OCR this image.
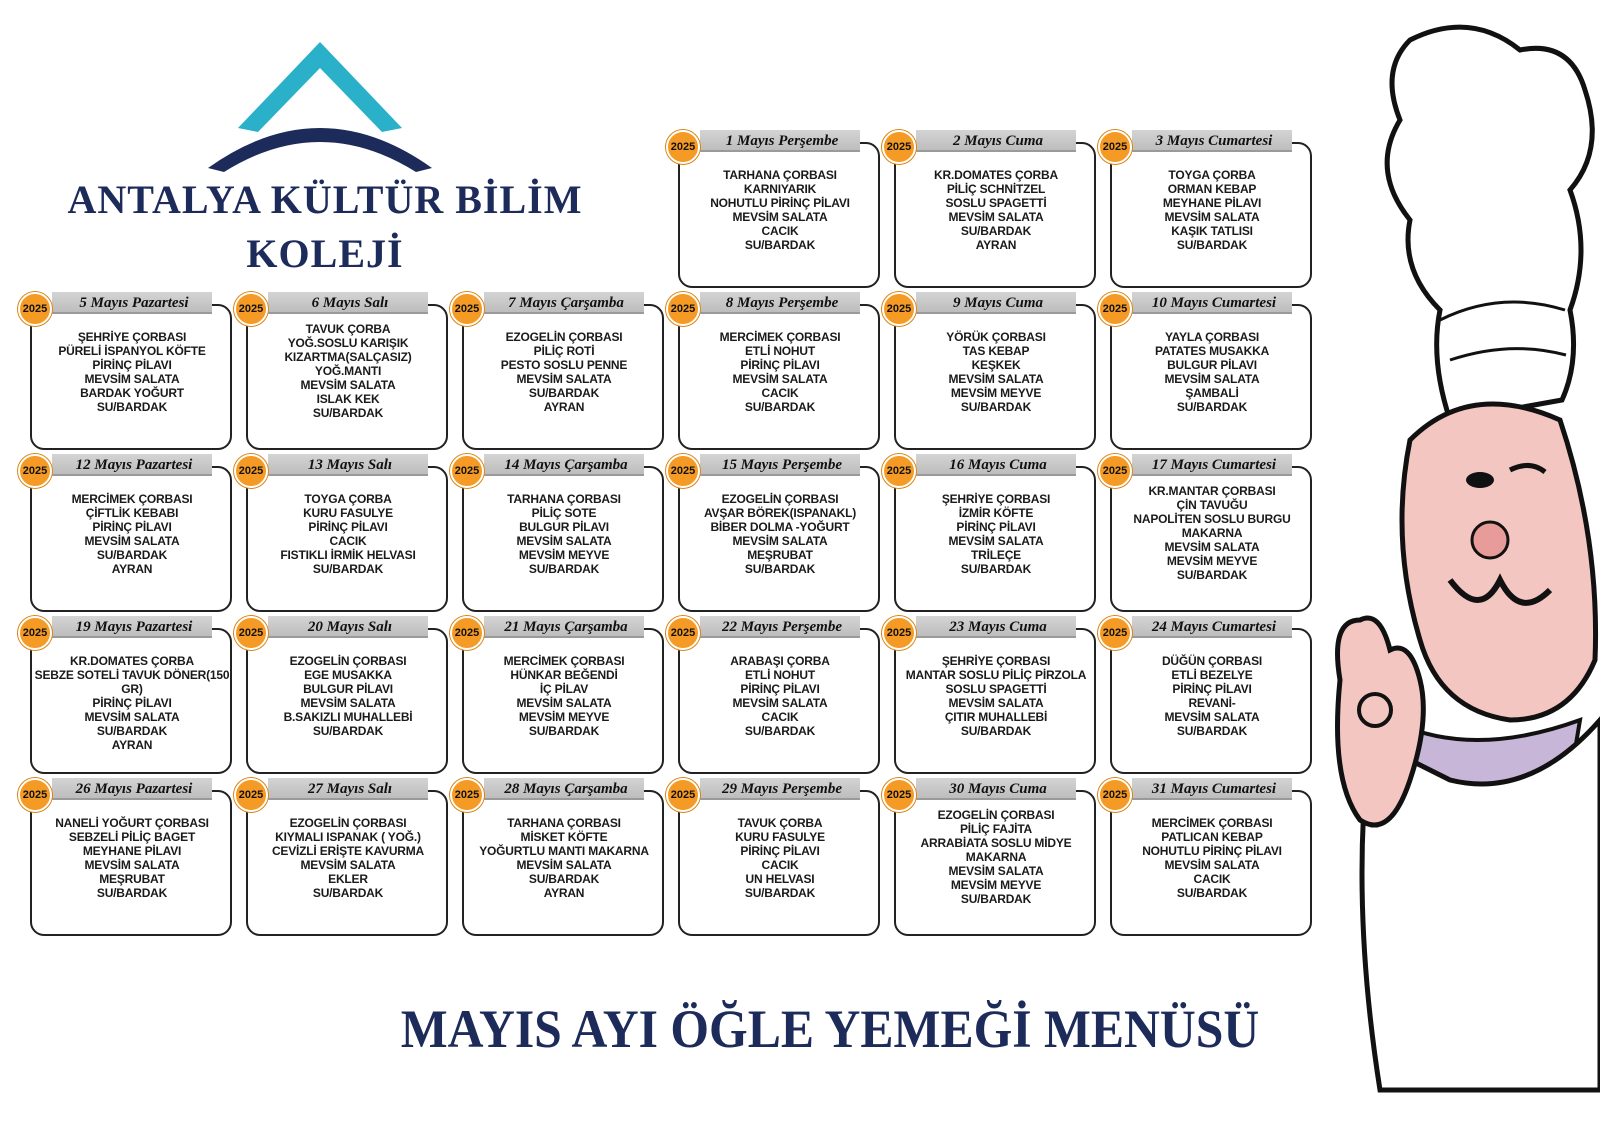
ANTALYA KÜLTÜR BİLİM
KOLEJİ
1 Mayıs Perşembe
2025
TARHANA ÇORBASI
KARNIYARIK
NOHUTLU PİRİNÇ PİLAVI
MEVSİM SALATA
CACIK
SU/BARDAK
2 Mayıs Cuma
2025
KR.DOMATES ÇORBA
PİLİÇ SCHNİTZEL
SOSLU SPAGETTİ
MEVSİM SALATA
SU/BARDAK
AYRAN
3 Mayıs Cumartesi
2025
TOYGA ÇORBA
ORMAN KEBAP
MEYHANE PİLAVI
MEVSİM SALATA
KAŞIK TATLISI
SU/BARDAK
5 Mayıs Pazartesi
2025
ŞEHRİYE ÇORBASI
PÜRELİ İSPANYOL KÖFTE
PİRİNÇ PİLAVI
MEVSİM SALATA
BARDAK YOĞURT
SU/BARDAK
6 Mayıs Salı
2025
TAVUK ÇORBA
YOĞ.SOSLU KARIŞIK
KIZARTMA(SALÇASIZ)
YOĞ.MANTI
MEVSİM SALATA
ISLAK KEK
SU/BARDAK
7 Mayıs Çarşamba
2025
EZOGELİN ÇORBASI
PİLİÇ ROTİ
PESTO SOSLU PENNE
MEVSİM SALATA
SU/BARDAK
AYRAN
8 Mayıs Perşembe
2025
MERCİMEK ÇORBASI
ETLİ NOHUT
PİRİNÇ PİLAVI
MEVSİM SALATA
CACIK
SU/BARDAK
9 Mayıs Cuma
2025
YÖRÜK ÇORBASI
TAS KEBAP
KEŞKEK
MEVSİM SALATA
MEVSİM MEYVE
SU/BARDAK
10 Mayıs Cumartesi
2025
YAYLA ÇORBASI
PATATES MUSAKKA
BULGUR PİLAVI
MEVSİM SALATA
ŞAMBALİ
SU/BARDAK
12 Mayıs Pazartesi
2025
MERCİMEK ÇORBASI
ÇİFTLİK KEBABI
PİRİNÇ PİLAVI
MEVSİM SALATA
SU/BARDAK
AYRAN
13 Mayıs Salı
2025
TOYGA ÇORBA
KURU FASULYE
PİRİNÇ PİLAVI
CACIK
FISTIKLI İRMİK HELVASI
SU/BARDAK
14 Mayıs Çarşamba
2025
TARHANA ÇORBASI
PİLİÇ SOTE
BULGUR PİLAVI
MEVSİM SALATA
MEVSİM MEYVE
SU/BARDAK
15 Mayıs Perşembe
2025
EZOGELİN ÇORBASI
AVŞAR BÖREK(ISPANAKL)
BİBER DOLMA -YOĞURT
MEVSİM SALATA
MEŞRUBAT
SU/BARDAK
16 Mayıs Cuma
2025
ŞEHRİYE ÇORBASI
İZMİR KÖFTE
PİRİNÇ PİLAVI
MEVSİM SALATA
TRİLEÇE
SU/BARDAK
17 Mayıs Cumartesi
2025
KR.MANTAR ÇORBASI
ÇİN TAVUĞU
NAPOLİTEN SOSLU BURGU
MAKARNA
MEVSİM SALATA
MEVSİM MEYVE
SU/BARDAK
19 Mayıs Pazartesi
2025
KR.DOMATES ÇORBA
SEBZE SOTELİ TAVUK DÖNER(150 GR)
PİRİNÇ PİLAVI
MEVSİM SALATA
SU/BARDAK
AYRAN
20 Mayıs Salı
2025
EZOGELİN ÇORBASI
EGE MUSAKKA
BULGUR PİLAVI
MEVSİM SALATA
B.SAKIZLI MUHALLEBİ
SU/BARDAK
21 Mayıs Çarşamba
2025
MERCİMEK ÇORBASI
HÜNKAR BEĞENDİ
İÇ PİLAV
MEVSİM SALATA
MEVSİM MEYVE
SU/BARDAK
22 Mayıs Perşembe
2025
ARABAŞI ÇORBA
ETLİ NOHUT
PİRİNÇ PİLAVI
MEVSİM SALATA
CACIK
SU/BARDAK
23 Mayıs Cuma
2025
ŞEHRİYE ÇORBASI
MANTAR SOSLU PİLİÇ PİRZOLA
SOSLU SPAGETTİ
MEVSİM SALATA
ÇITIR MUHALLEBİ
SU/BARDAK
24 Mayıs Cumartesi
2025
DÜĞÜN ÇORBASI
ETLİ BEZELYE
PİRİNÇ PİLAVI
REVANİ-
MEVSİM SALATA
SU/BARDAK
26 Mayıs Pazartesi
2025
NANELİ YOĞURT ÇORBASI
SEBZELİ PİLİÇ BAGET
MEYHANE PİLAVI
MEVSİM SALATA
MEŞRUBAT
SU/BARDAK
27 Mayıs Salı
2025
EZOGELİN ÇORBASI
KIYMALI ISPANAK ( YOĞ.)
CEVİZLİ ERİŞTE KAVURMA
MEVSİM SALATA
EKLER
SU/BARDAK
28 Mayıs Çarşamba
2025
TARHANA ÇORBASI
MİSKET KÖFTE
YOĞURTLU MANTI MAKARNA
MEVSİM SALATA
SU/BARDAK
AYRAN
29 Mayıs Perşembe
2025
TAVUK ÇORBA
KURU FASULYE
PİRİNÇ PİLAVI
CACIK
UN HELVASI
SU/BARDAK
30 Mayıs Cuma
2025
EZOGELİN ÇORBASI
PİLİÇ FAJİTA
ARRABİATA SOSLU MİDYE
MAKARNA
MEVSİM SALATA
MEVSİM MEYVE
SU/BARDAK
31 Mayıs Cumartesi
2025
MERCİMEK ÇORBASI
PATLICAN KEBAP
NOHUTLU PİRİNÇ PİLAVI
MEVSİM SALATA
CACIK
SU/BARDAK
MAYIS AYI ÖĞLE YEMEĞİ MENÜSÜ
